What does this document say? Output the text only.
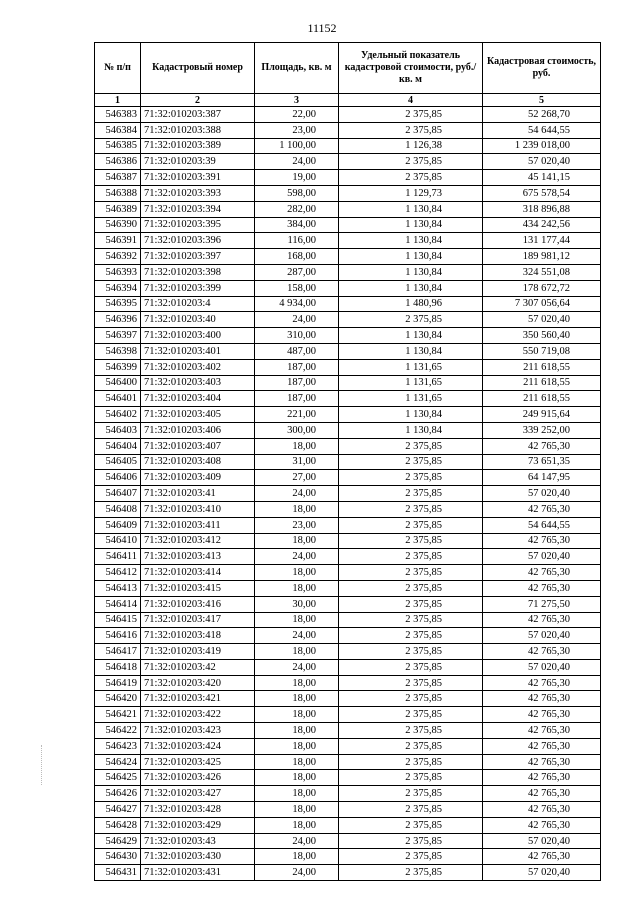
11152
№ п/п	Кадастровый номер	Площадь, кв. м	Удельный показатель кадастровой стоимости, руб./кв. м	Кадастровая стоимость, руб.
1	2	3	4	5
546383	71:32:010203:387	22,00	2 375,85	52 268,70
546384	71:32:010203:388	23,00	2 375,85	54 644,55
546385	71:32:010203:389	1 100,00	1 126,38	1 239 018,00
546386	71:32:010203:39	24,00	2 375,85	57 020,40
546387	71:32:010203:391	19,00	2 375,85	45 141,15
546388	71:32:010203:393	598,00	1 129,73	675 578,54
546389	71:32:010203:394	282,00	1 130,84	318 896,88
546390	71:32:010203:395	384,00	1 130,84	434 242,56
546391	71:32:010203:396	116,00	1 130,84	131 177,44
546392	71:32:010203:397	168,00	1 130,84	189 981,12
546393	71:32:010203:398	287,00	1 130,84	324 551,08
546394	71:32:010203:399	158,00	1 130,84	178 672,72
546395	71:32:010203:4	4 934,00	1 480,96	7 307 056,64
546396	71:32:010203:40	24,00	2 375,85	57 020,40
546397	71:32:010203:400	310,00	1 130,84	350 560,40
546398	71:32:010203:401	487,00	1 130,84	550 719,08
546399	71:32:010203:402	187,00	1 131,65	211 618,55
546400	71:32:010203:403	187,00	1 131,65	211 618,55
546401	71:32:010203:404	187,00	1 131,65	211 618,55
546402	71:32:010203:405	221,00	1 130,84	249 915,64
546403	71:32:010203:406	300,00	1 130,84	339 252,00
546404	71:32:010203:407	18,00	2 375,85	42 765,30
546405	71:32:010203:408	31,00	2 375,85	73 651,35
546406	71:32:010203:409	27,00	2 375,85	64 147,95
546407	71:32:010203:41	24,00	2 375,85	57 020,40
546408	71:32:010203:410	18,00	2 375,85	42 765,30
546409	71:32:010203:411	23,00	2 375,85	54 644,55
546410	71:32:010203:412	18,00	2 375,85	42 765,30
546411	71:32:010203:413	24,00	2 375,85	57 020,40
546412	71:32:010203:414	18,00	2 375,85	42 765,30
546413	71:32:010203:415	18,00	2 375,85	42 765,30
546414	71:32:010203:416	30,00	2 375,85	71 275,50
546415	71:32:010203:417	18,00	2 375,85	42 765,30
546416	71:32:010203:418	24,00	2 375,85	57 020,40
546417	71:32:010203:419	18,00	2 375,85	42 765,30
546418	71:32:010203:42	24,00	2 375,85	57 020,40
546419	71:32:010203:420	18,00	2 375,85	42 765,30
546420	71:32:010203:421	18,00	2 375,85	42 765,30
546421	71:32:010203:422	18,00	2 375,85	42 765,30
546422	71:32:010203:423	18,00	2 375,85	42 765,30
546423	71:32:010203:424	18,00	2 375,85	42 765,30
546424	71:32:010203:425	18,00	2 375,85	42 765,30
546425	71:32:010203:426	18,00	2 375,85	42 765,30
546426	71:32:010203:427	18,00	2 375,85	42 765,30
546427	71:32:010203:428	18,00	2 375,85	42 765,30
546428	71:32:010203:429	18,00	2 375,85	42 765,30
546429	71:32:010203:43	24,00	2 375,85	57 020,40
546430	71:32:010203:430	18,00	2 375,85	42 765,30
546431	71:32:010203:431	24,00	2 375,85	57 020,40
